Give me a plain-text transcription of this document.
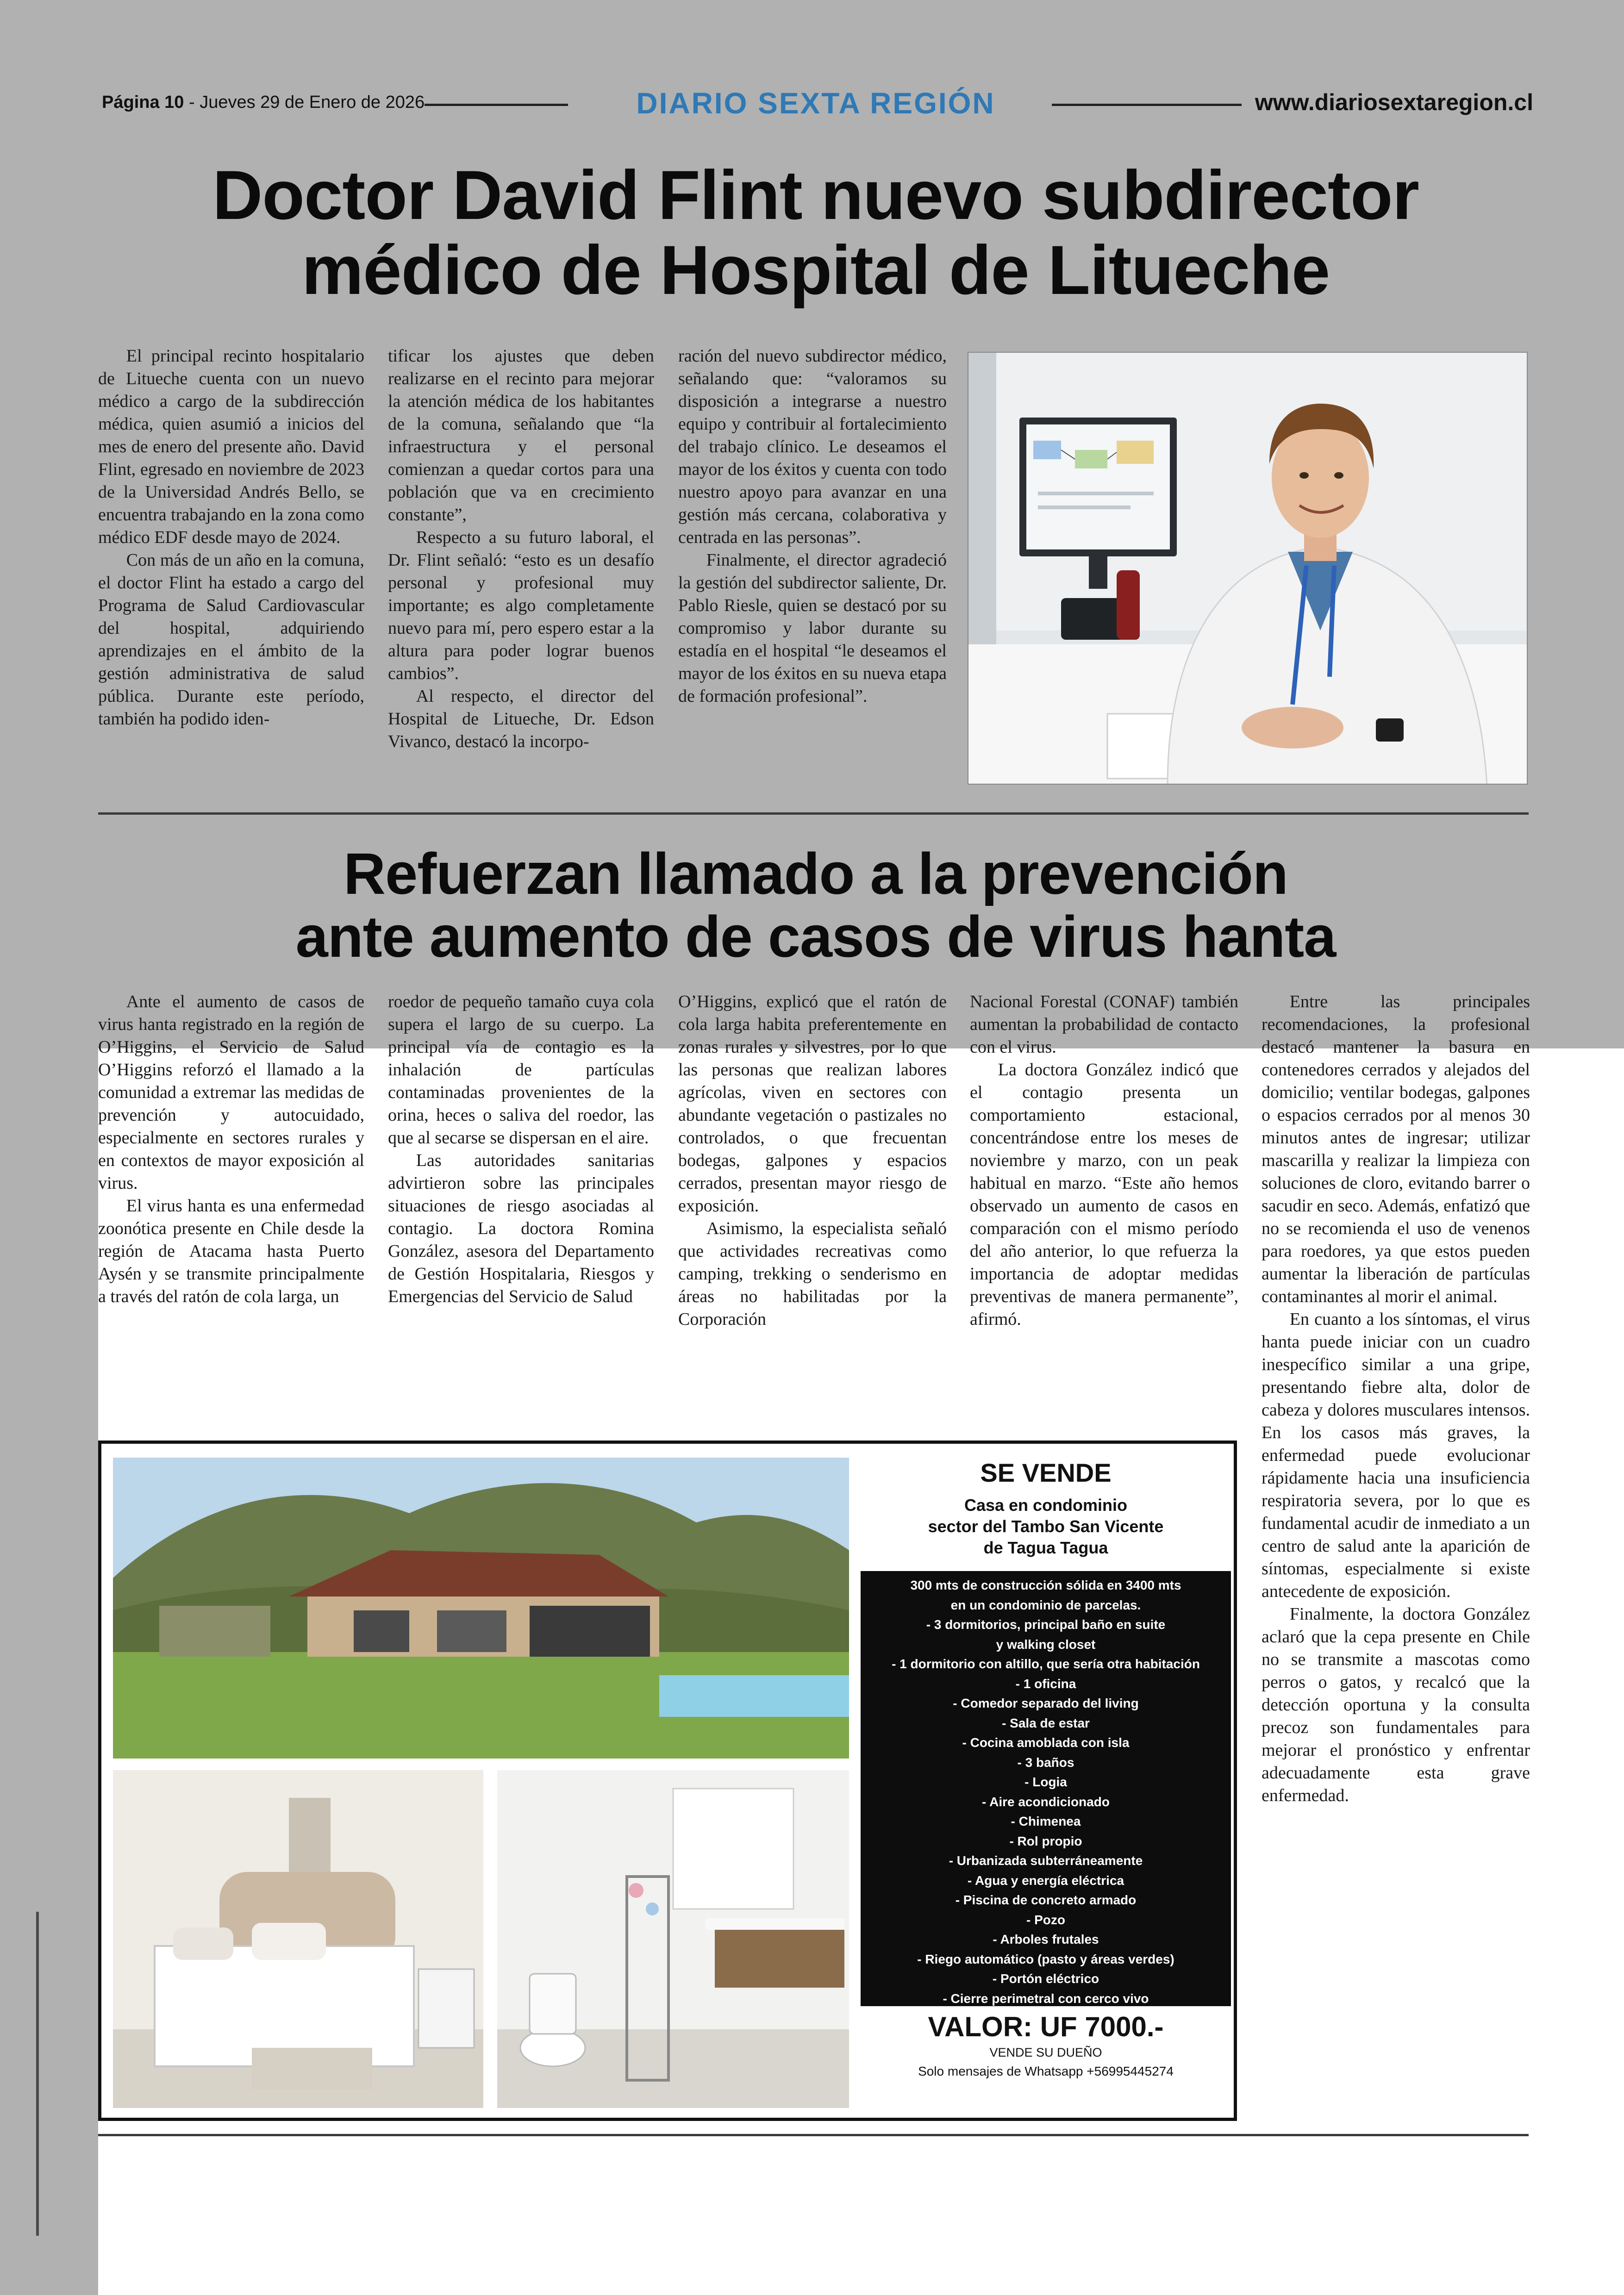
Página 10 - Jueves 29 de Enero de 2026	DIARIO SEXTA REGIÓN	www.diariosextaregion.cl
Doctor David Flint nuevo subdirector
médico de Hospital de Litueche

El principal recinto hospitalario de Litueche cuenta con un nuevo médico a cargo de la subdirección médica, quien asumió a inicios del mes de enero del presente año. David Flint, egresado en noviembre de 2023 de la Universidad Andrés Bello, se encuentra trabajando en la zona como médico EDF desde mayo de 2024.

Con más de un año en la comuna, el doctor Flint ha estado a cargo del Programa de Salud Cardiovascular del hospital, adquiriendo aprendizajes en el ámbito de la gestión administrativa de salud pública. Durante este período, también ha podido iden-

tificar los ajustes que deben realizarse en el recinto para mejorar la atención médica de los habitantes de la comuna, señalando que “la infraestructura y el personal comienzan a quedar cortos para una población que va en crecimiento constante”,

Respecto a su futuro laboral, el Dr. Flint señaló: “esto es un desafío personal y profesional muy importante; es algo completamente nuevo para mí, pero espero estar a la altura para poder lograr buenos cambios”.

Al respecto, el director del Hospital de Litueche, Dr. Edson Vivanco, destacó la incorpo-

ración del nuevo subdirector médico, señalando que: “valoramos su disposición a integrarse a nuestro equipo y contribuir al fortalecimiento del trabajo clínico. Le deseamos el mayor de los éxitos y cuenta con todo nuestro apoyo para avanzar en una gestión más cercana, colaborativa y centrada en las personas”.

Finalmente, el director agradeció la gestión del subdirector saliente, Dr. Pablo Riesle, quien se destacó por su compromiso y labor durante su estadía en el hospital “le deseamos el mayor de los éxitos en su nueva etapa de formación profesional”.

Refuerzan llamado a la prevención
ante aumento de casos de virus hanta

Ante el aumento de casos de virus hanta registrado en la región de O’Higgins, el Servicio de Salud O’Higgins reforzó el llamado a la comunidad a extremar las medidas de prevención y autocuidado, especialmente en sectores rurales y en contextos de mayor exposición al virus.

El virus hanta es una enfermedad zoonótica presente en Chile desde la región de Atacama hasta Puerto Aysén y se transmite principalmente a través del ratón de cola larga, un

roedor de pequeño tamaño cuya cola supera el largo de su cuerpo. La principal vía de contagio es la inhalación de partículas contaminadas provenientes de la orina, heces o saliva del roedor, las que al secarse se dispersan en el aire.

Las autoridades sanitarias advirtieron sobre las principales situaciones de riesgo asociadas al contagio. La doctora Romina González, asesora del Departamento de Gestión Hospitalaria, Riesgos y Emergencias del Servicio de Salud

O’Higgins, explicó que el ratón de cola larga habita preferentemente en zonas rurales y silvestres, por lo que las personas que realizan labores agrícolas, viven en sectores con abundante vegetación o pastizales no controlados, o que frecuentan bodegas, galpones y espacios cerrados, presentan mayor riesgo de exposición.

Asimismo, la especialista señaló que actividades recreativas como camping, trekking o senderismo en áreas no habilitadas por la Corporación

Nacional Forestal (CONAF) también aumentan la probabilidad de contacto con el virus.

La doctora González indicó que el contagio presenta un comportamiento estacional, concentrándose entre los meses de noviembre y marzo, con un peak habitual en marzo. “Este año hemos observado un aumento de casos en comparación con el mismo período del año anterior, lo que refuerza la importancia de adoptar medidas preventivas de manera permanente”, afirmó.

Entre las principales recomendaciones, la profesional destacó mantener la basura en contenedores cerrados y alejados del domicilio; ventilar bodegas, galpones o espacios cerrados por al menos 30 minutos antes de ingresar; utilizar mascarilla y realizar la limpieza con soluciones de cloro, evitando barrer o sacudir en seco. Además, enfatizó que no se recomienda el uso de venenos para roedores, ya que estos pueden aumentar la liberación de partículas contaminantes al morir el animal.

En cuanto a los síntomas, el virus hanta puede iniciar con un cuadro inespecífico similar a una gripe, presentando fiebre alta, dolor de cabeza y dolores musculares intensos. En los casos más graves, la enfermedad puede evolucionar rápidamente hacia una insuficiencia respiratoria severa, por lo que es fundamental acudir de inmediato a un centro de salud ante la aparición de síntomas, especialmente si existe antecedente de exposición.

Finalmente, la doctora González aclaró que la cepa presente en Chile no se transmite a mascotas como perros o gatos, y recalcó que la detección oportuna y la consulta precoz son fundamentales para mejorar el pronóstico y enfrentar adecuadamente esta grave enfermedad.

SE VENDE
Casa en condominio
sector del Tambo San Vicente
de Tagua Tagua
300 mts de construcción sólida en 3400 mts
en un condominio de parcelas.
- 3 dormitorios, principal baño en suite
y walking closet
- 1 dormitorio con altillo, que sería otra habitación
- 1 oficina
- Comedor separado del living
- Sala de estar
- Cocina amoblada con isla
- 3 baños
- Logia
- Aire acondicionado
- Chimenea
- Rol propio
- Urbanizada subterráneamente
- Agua y energía eléctrica
- Piscina de concreto armado
- Pozo
- Arboles frutales
- Riego automático (pasto y áreas verdes)
- Portón eléctrico
- Cierre perimetral con cerco vivo
VALOR: UF 7000.-
VENDE SU DUEÑO
Solo mensajes de Whatsapp +56995445274
